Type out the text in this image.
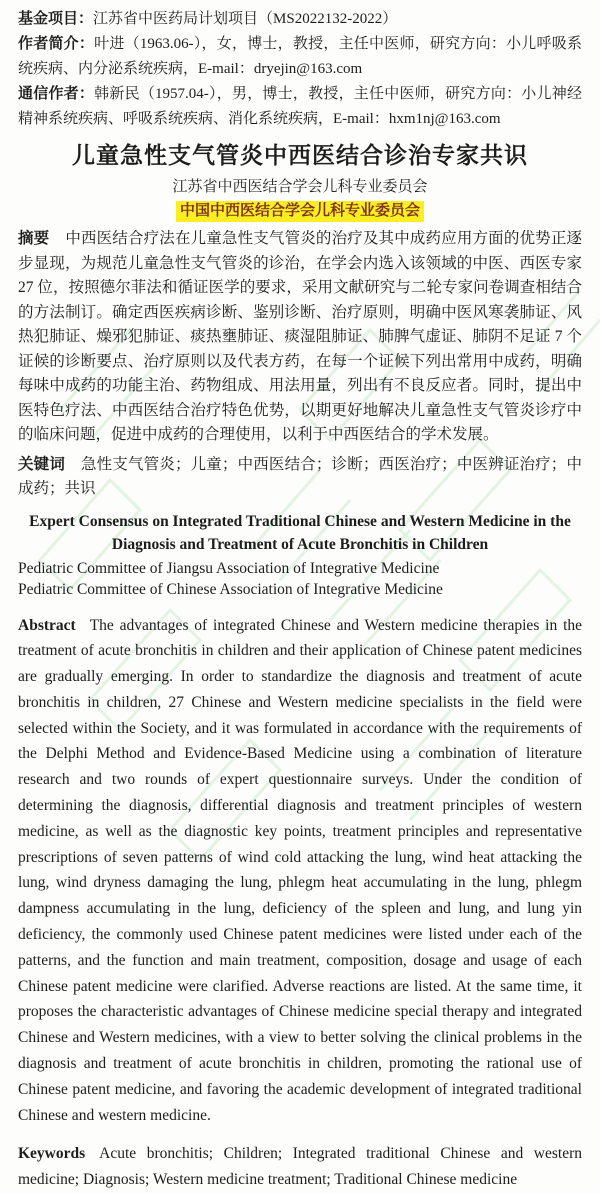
基金项目：江苏省中医药局计划项目（MS2022132-2022）

作者简介：叶进（1963.06-），女，博士，教授，主任中医师，研究方向：小儿呼吸系统疾病、内分泌系统疾病，E-mail：dryejin@163.com

通信作者：韩新民（1957.04-），男，博士，教授，主任中医师，研究方向：小儿神经精神系统疾病、呼吸系统疾病、消化系统疾病，E-mail：hxm1nj@163.com

儿童急性支气管炎中西医结合诊治专家共识

江苏省中西医结合学会儿科专业委员会

中国中西医结合学会儿科专业委员会

摘要 中西医结合疗法在儿童急性支气管炎的治疗及其中成药应用方面的优势正逐步显现，为规范儿童急性支气管炎的诊治，在学会内选入该领域的中医、西医专家 27 位，按照德尔菲法和循证医学的要求，采用文献研究与二轮专家问卷调查相结合的方法制订。确定西医疾病诊断、鉴别诊断、治疗原则，明确中医风寒袭肺证、风热犯肺证、燥邪犯肺证、痰热壅肺证、痰湿阻肺证、肺脾气虚证、肺阴不足证 7 个证候的诊断要点、治疗原则以及代表方药，在每一个证候下列出常用中成药，明确每味中成药的功能主治、药物组成、用法用量，列出有不良反应者。同时，提出中医特色疗法、中西医结合治疗特色优势，以期更好地解决儿童急性支气管炎诊疗中的临床问题，促进中成药的合理使用，以利于中西医结合的学术发展。

关键词 急性支气管炎；儿童；中西医结合；诊断；西医治疗；中医辨证治疗；中成药；共识

Expert Consensus on Integrated Traditional Chinese and Western Medicine in the Diagnosis and Treatment of Acute Bronchitis in Children

Pediatric Committee of Jiangsu Association of Integrative Medicine

Pediatric Committee of Chinese Association of Integrative Medicine

Abstract The advantages of integrated Chinese and Western medicine therapies in the treatment of acute bronchitis in children and their application of Chinese patent medicines are gradually emerging. In order to standardize the diagnosis and treatment of acute bronchitis in children, 27 Chinese and Western medicine specialists in the field were selected within the Society, and it was formulated in accordance with the requirements of the Delphi Method and Evidence-Based Medicine using a combination of literature research and two rounds of expert questionnaire surveys. Under the condition of determining the diagnosis, differential diagnosis and treatment principles of western medicine, as well as the diagnostic key points, treatment principles and representative prescriptions of seven patterns of wind cold attacking the lung, wind heat attacking the lung, wind dryness damaging the lung, phlegm heat accumulating in the lung, phlegm dampness accumulating in the lung, deficiency of the spleen and lung, and lung yin deficiency, the commonly used Chinese patent medicines were listed under each of the patterns, and the function and main treatment, composition, dosage and usage of each Chinese patent medicine were clarified. Adverse reactions are listed. At the same time, it proposes the characteristic advantages of Chinese medicine special therapy and integrated Chinese and Western medicines, with a view to better solving the clinical problems in the diagnosis and treatment of acute bronchitis in children, promoting the rational use of Chinese patent medicine, and favoring the academic development of integrated traditional Chinese and western medicine.

Keywords Acute bronchitis; Children; Integrated traditional Chinese and western medicine; Diagnosis; Western medicine treatment; Traditional Chinese medicine
